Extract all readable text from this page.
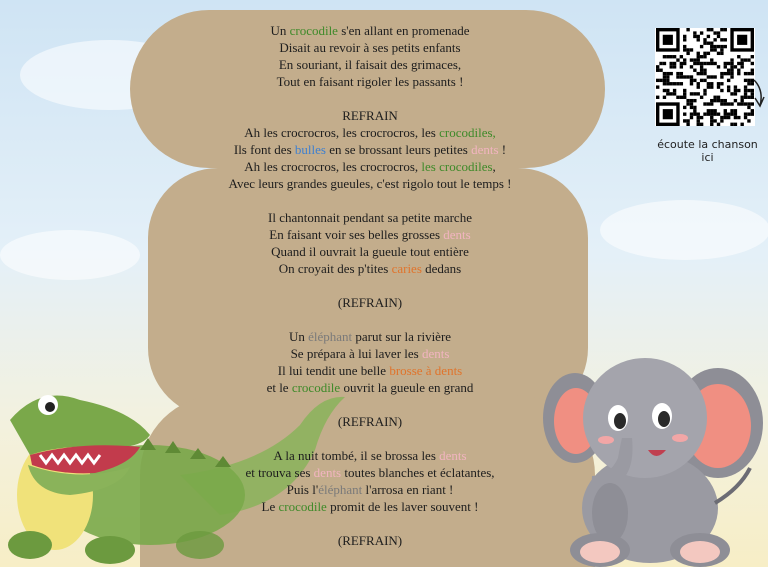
Un crocodile s'en allant en promenade
Disait au revoir à ses petits enfants
En souriant, il faisait des grimaces,
Tout en faisant rigoler les passants !
REFRAIN
Ah les crocrocros, les crocrocros, les crocodiles,
Ils font des bulles en se brossant leurs petites dents !
Ah les crocrocros, les crocrocros, les crocodiles,
Avec leurs grandes gueules, c'est rigolo tout le temps !
Il chantonnait pendant sa petite marche
En faisant voir ses belles grosses dents
Quand il ouvrait la gueule tout entière
On croyait des p'tites caries dedans
(REFRAIN)
Un éléphant parut sur la rivière
Se prépara à lui laver les dents
Il lui tendit une belle brosse à dents
et le crocodile ouvrit la gueule en grand
(REFRAIN)
A la nuit tombé, il se brossa les dents
et trouva ses dents toutes blanches et éclatantes,
Puis l'éléphant l'arrosa en riant !
Le crocodile promit de les laver souvent !
(REFRAIN)
écoute la chanson ici
